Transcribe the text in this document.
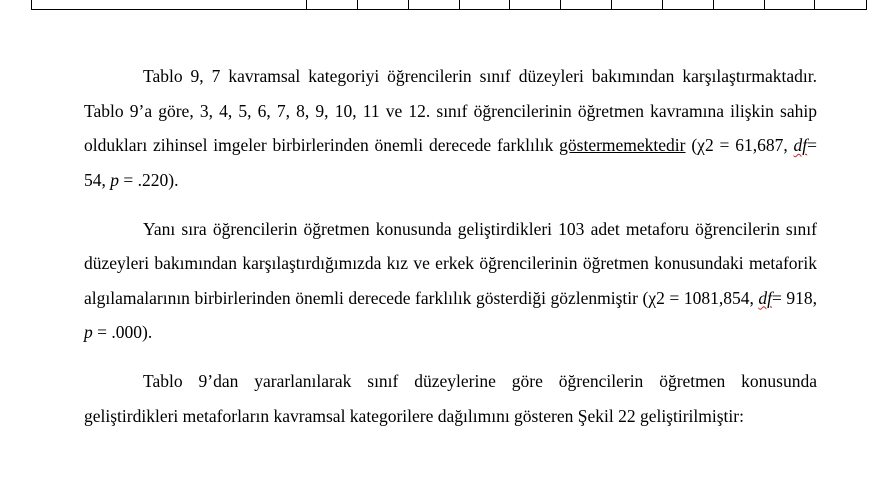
Tablo 9, 7 kavramsal kategoriyi öğrencilerin sınıf düzeyleri bakımından karşılaştırmaktadır. Tablo 9’a göre, 3, 4, 5, 6, 7, 8, 9, 10, 11 ve 12. sınıf öğrencilerinin öğretmen kavramına ilişkin sahip oldukları zihinsel imgeler birbirlerinden önemli derecede farklılık göstermemektedir (χ2 = 61,687, df= 54, p = .220).

Yanı sıra öğrencilerin öğretmen konusunda geliştirdikleri 103 adet metaforu öğrencilerin sınıf düzeyleri bakımından karşılaştırdığımızda kız ve erkek öğrencilerinin öğretmen konusundaki metaforik algılamalarının birbirlerinden önemli derecede farklılık gösterdiği gözlenmiştir (χ2 = 1081,854, df= 918, p = .000).

Tablo 9’dan yararlanılarak sınıf düzeylerine göre öğrencilerin öğretmen konusunda geliştirdikleri metaforların kavramsal kategorilere dağılımını gösteren Şekil 22 geliştirilmiştir:
